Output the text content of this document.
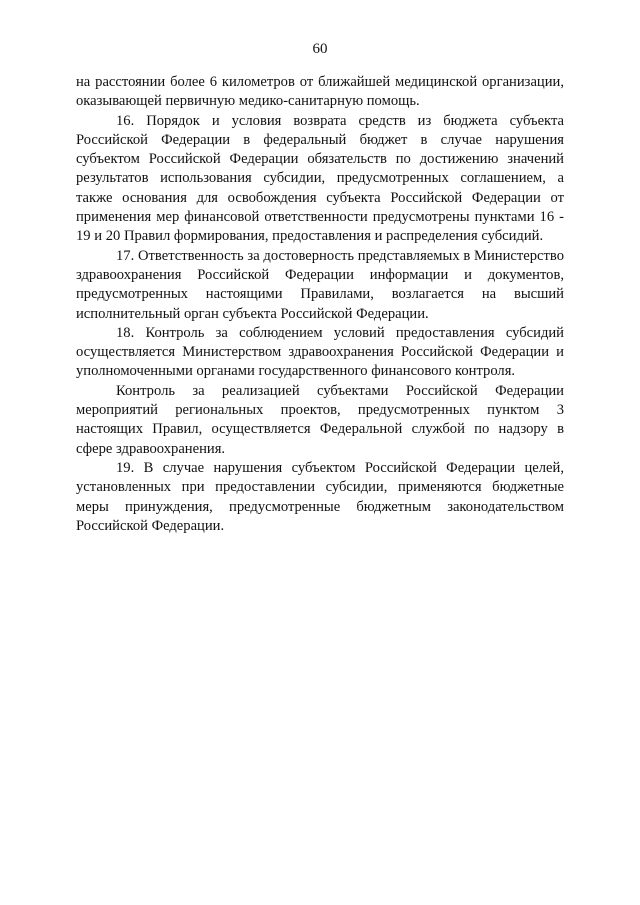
60

на расстоянии более 6 километров от ближайшей медицинской организации, оказывающей первичную медико-санитарную помощь.

16. Порядок и условия возврата средств из бюджета субъекта Российской Федерации в федеральный бюджет в случае нарушения субъектом Российской Федерации обязательств по достижению значений результатов использования субсидии, предусмотренных соглашением, а также основания для освобождения субъекта Российской Федерации от применения мер финансовой ответственности предусмотрены пунктами 16 - 19 и 20 Правил формирования, предоставления и распределения субсидий.

17. Ответственность за достоверность представляемых в Министерство здравоохранения Российской Федерации информации и документов, предусмотренных настоящими Правилами, возлагается на высший исполнительный орган субъекта Российской Федерации.

18. Контроль за соблюдением условий предоставления субсидий осуществляется Министерством здравоохранения Российской Федерации и уполномоченными органами государственного финансового контроля.

Контроль за реализацией субъектами Российской Федерации мероприятий региональных проектов, предусмотренных пунктом 3 настоящих Правил, осуществляется Федеральной службой по надзору в сфере здравоохранения.

19. В случае нарушения субъектом Российской Федерации целей, установленных при предоставлении субсидии, применяются бюджетные меры принуждения, предусмотренные бюджетным законодательством Российской Федерации.
